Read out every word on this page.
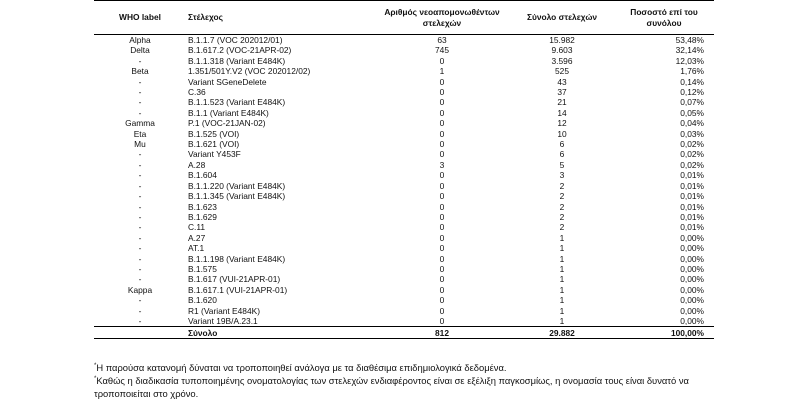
WHO label	Στέλεχος	Αριθμός νεοαπομονωθέντων στελεχών	Σύνολο στελεχών	Ποσοστό επί του συνόλου
Alpha	B.1.1.7 (VOC 202012/01)	63	15.982	53,48%
Delta	B.1.617.2 (VOC-21APR-02)	745	9.603	32,14%
-	B.1.1.318 (Variant E484K)	0	3.596	12,03%
Beta	1.351/501Y.V2 (VOC 202012/02)	1	525	1,76%
-	Variant SGeneDelete	0	43	0,14%
-	C.36	0	37	0,12%
-	B.1.1.523 (Variant E484K)	0	21	0,07%
-	B.1.1 (Variant E484K)	0	14	0,05%
Gamma	P.1 (VOC-21JAN-02)	0	12	0,04%
Eta	B.1.525 (VOI)	0	10	0,03%
Mu	B.1.621 (VOI)	0	6	0,02%
-	Variant Y453F	0	6	0,02%
-	A.28	3	5	0,02%
-	B.1.604	0	3	0,01%
-	B.1.1.220 (Variant E484K)	0	2	0,01%
-	B.1.1.345 (Variant E484K)	0	2	0,01%
-	B.1.623	0	2	0,01%
-	B.1.629	0	2	0,01%
-	C.11	0	2	0,01%
-	A.27	0	1	0,00%
-	AT.1	0	1	0,00%
-	B.1.1.198 (Variant E484K)	0	1	0,00%
-	B.1.575	0	1	0,00%
-	B.1.617 (VUI-21APR-01)	0	1	0,00%
Kappa	B.1.617.1 (VUI-21APR-01)	0	1	0,00%
-	B.1.620	0	1	0,00%
-	R1 (Variant E484K)	0	1	0,00%
-	Variant 19B/A.23.1	0	1	0,00%
	Σύνολο	812	29.882	100,00%

*Η παρούσα κατανομή δύναται να τροποποιηθεί ανάλογα με τα διαθέσιμα επιδημιολογικά δεδομένα.

*Καθώς η διαδικασία τυποποιημένης ονοματολογίας των στελεχών ενδιαφέροντος είναι σε εξέλιξη παγκοσμίως, η ονομασία τους είναι δυνατό να τροποποιείται στο χρόνο.
